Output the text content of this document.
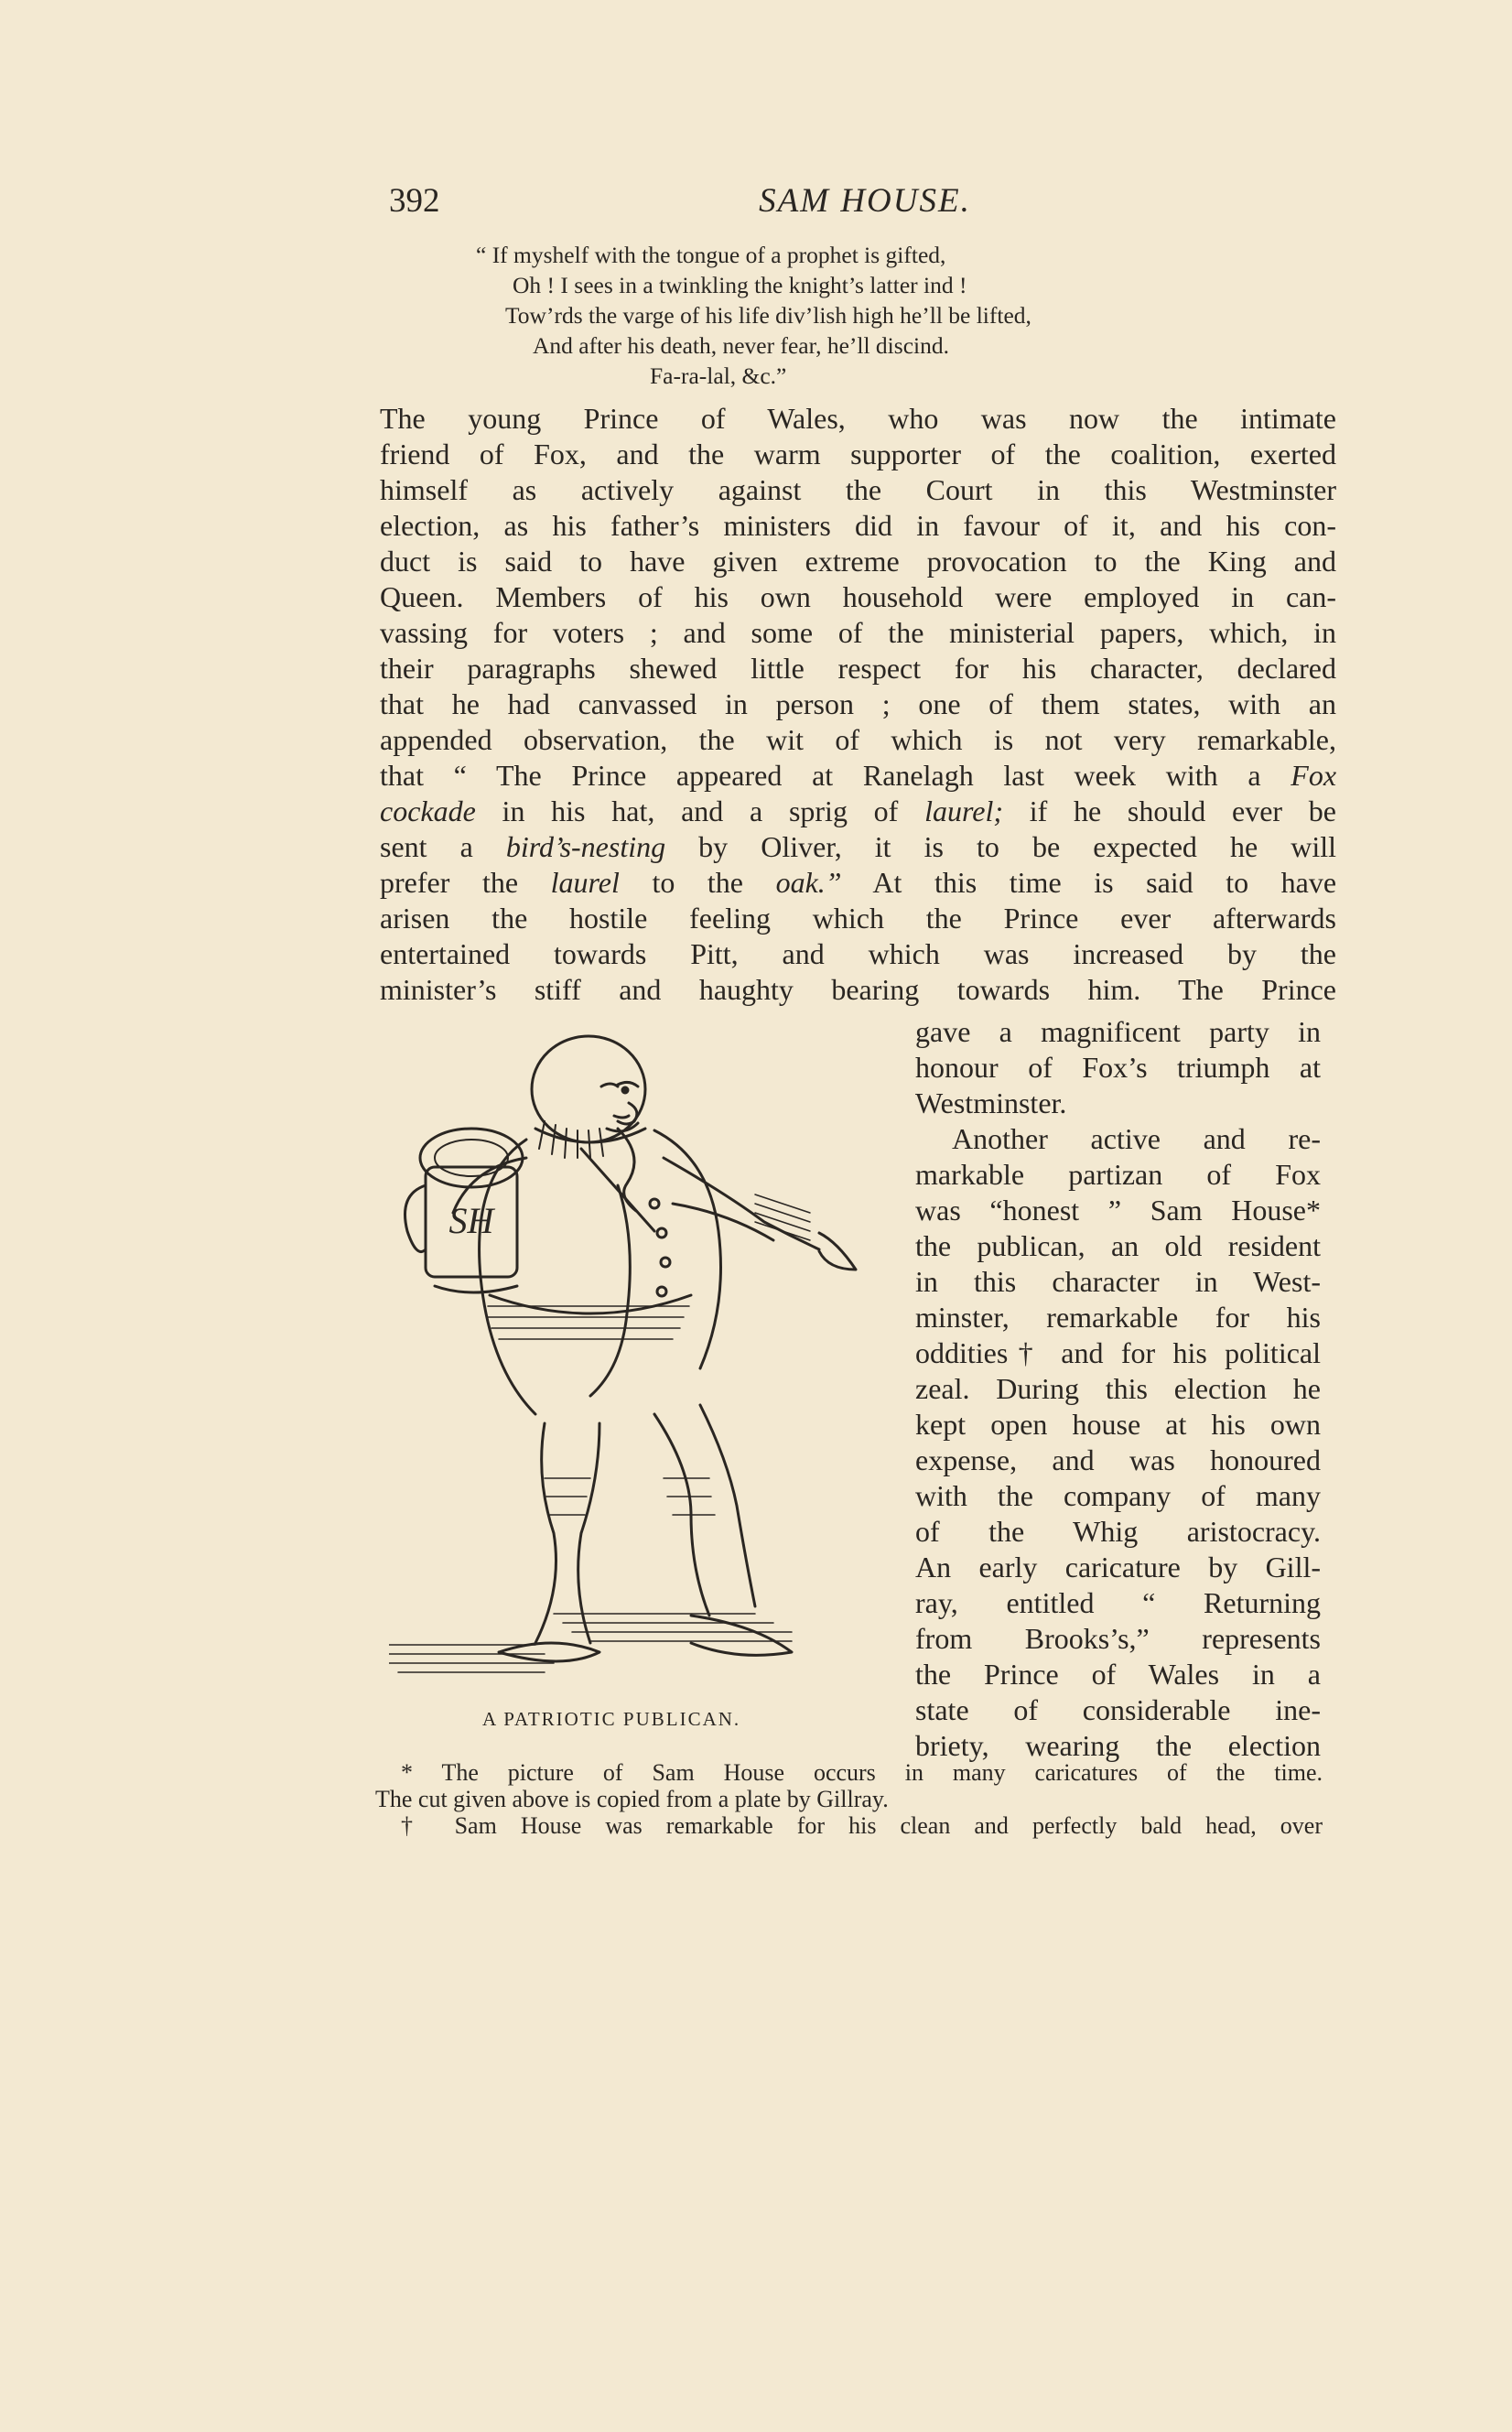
392	SAM HOUSE.
“ If myshelf with the tongue of a prophet is gifted,
Oh ! I sees in a twinkling the knight’s latter ind !
Tow’rds the varge of his life div’lish high he’ll be lifted,
And after his death, never fear, he’ll discind.
Fa-ra-lal, &c.”
The young Prince of Wales, who was now the intimate
friend of Fox, and the warm supporter of the coalition, exerted
himself as actively against the Court in this Westminster
election, as his father’s ministers did in favour of it, and his con-
duct is said to have given extreme provocation to the King and
Queen. Members of his own household were employed in can-
vassing for voters ; and some of the ministerial papers, which, in
their paragraphs shewed little respect for his character, declared
that he had canvassed in person ; one of them states, with an
appended observation, the wit of which is not very remarkable,
that “ The Prince appeared at Ranelagh last week with a Fox
cockade in his hat, and a sprig of laurel; if he should ever be
sent a bird’s-nesting by Oliver, it is to be expected he will
prefer the laurel to the oak.” At this time is said to have
arisen the hostile feeling which the Prince ever afterwards
entertained towards Pitt, and which was increased by the
minister’s stiff and haughty bearing towards him. The Prince
SH
A PATRIOTIC PUBLICAN.
gave a magnificent party in
honour of Fox’s triumph at
Westminster.
Another active and re-
markable partizan of Fox
was “honest ” Sam House*
the publican, an old resident
in this character in West-
minster, remarkable for his
oddities† and for his political
zeal. During this election he
kept open house at his own
expense, and was honoured
with the company of many
of the Whig aristocracy.
An early caricature by Gill-
ray, entitled “ Returning
from Brooks’s,” represents
the Prince of Wales in a
state of considerable ine-
briety, wearing the election
* The picture of Sam House occurs in many caricatures of the time.
The cut given above is copied from a plate by Gillray.
† Sam House was remarkable for his clean and perfectly bald head, over
